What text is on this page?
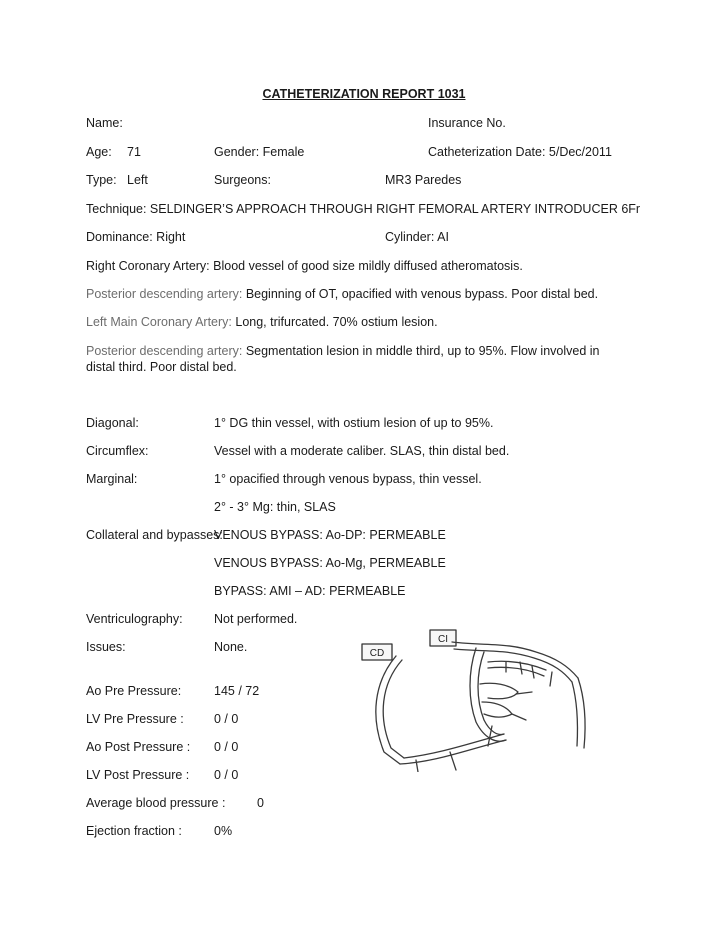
CATHETERIZATION REPORT 1031
Name:	Insurance No.
Age: 71	Gender: Female	Catheterization Date: 5/Dec/2011
Type: Left	Surgeons:	MR3 Paredes
Technique: SELDINGER’S APPROACH THROUGH RIGHT FEMORAL ARTERY INTRODUCER 6Fr
Dominance: Right	Cylinder: AI
Right Coronary Artery: Blood vessel of good size mildly diffused atheromatosis.
Posterior descending artery: Beginning of OT, opacified with venous bypass. Poor distal bed.
Left Main Coronary Artery: Long, trifurcated. 70% ostium lesion.
Posterior descending artery: Segmentation lesion in middle third, up to 95%. Flow involved in distal third. Poor distal bed.
Diagonal:	1° DG thin vessel, with ostium lesion of up to 95%.
Circumflex:	Vessel with a moderate caliber. SLAS, thin distal bed.
Marginal:	1° opacified through venous bypass, thin vessel.
2° - 3° Mg: thin, SLAS
Collateral and bypasses:
VENOUS BYPASS: Ao-DP: PERMEABLE
VENOUS BYPASS: Ao-Mg, PERMEABLE
BYPASS: AMI – AD: PERMEABLE
Ventriculography:	Not performed.
Issues:	None.
Ao Pre Pressure:	145 / 72
LV Pre Pressure : 0 / 0
Ao Post Pressure : 0 / 0
LV Post Pressure : 0 / 0
Average blood pressure :	0
Ejection fraction :	0%
CD
CI
